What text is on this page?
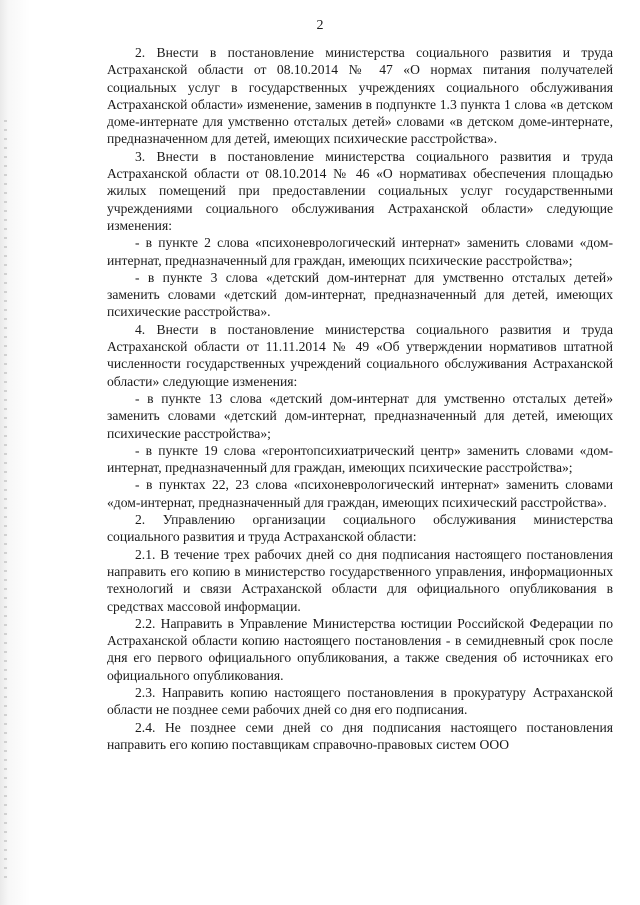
2

2. Внести в постановление министерства социального развития и труда Астраханской области от 08.10.2014 № 47 «О нормах питания получателей социальных услуг в государственных учреждениях социального обслуживания Астраханской области» изменение, заменив в подпункте 1.3 пункта 1 слова «в детском доме-интернате для умственно отсталых детей» словами «в детском доме-интернате, предназначенном для детей, имеющих психические расстройства».

3. Внести в постановление министерства социального развития и труда Астраханской области от 08.10.2014 № 46 «О нормативах обеспечения площадью жилых помещений при предоставлении социальных услуг государственными учреждениями социального обслуживания Астраханской области» следующие изменения:

- в пункте 2 слова «психоневрологический интернат» заменить словами «дом-интернат, предназначенный для граждан, имеющих психические расстройства»;

- в пункте 3 слова «детский дом-интернат для умственно отсталых детей» заменить словами «детский дом-интернат, предназначенный для детей, имеющих психические расстройства».

4. Внести в постановление министерства социального развития и труда Астраханской области от 11.11.2014 № 49 «Об утверждении нормативов штатной численности государственных учреждений социального обслуживания Астраханской области» следующие изменения:

- в пункте 13 слова «детский дом-интернат для умственно отсталых детей» заменить словами «детский дом-интернат, предназначенный для детей, имеющих психические расстройства»;

- в пункте 19 слова «геронтопсихиатрический центр» заменить словами «дом-интернат, предназначенный для граждан, имеющих психические расстройства»;

- в пунктах 22, 23 слова «психоневрологический интернат» заменить словами «дом-интернат, предназначенный для граждан, имеющих психический расстройства».

2. Управлению организации социального обслуживания министерства социального развития и труда Астраханской области:

2.1. В течение трех рабочих дней со дня подписания настоящего постановления направить его копию в министерство государственного управления, информационных технологий и связи Астраханской области для официального опубликования в средствах массовой информации.

2.2. Направить в Управление Министерства юстиции Российской Федерации по Астраханской области копию настоящего постановления - в семидневный срок после дня его первого официального опубликования, а также сведения об источниках его официального опубликования.

2.3. Направить копию настоящего постановления в прокуратуру Астраханской области не позднее семи рабочих дней со дня его подписания.

2.4. Не позднее семи дней со дня подписания настоящего постановления направить его копию поставщикам справочно-правовых систем ООО
